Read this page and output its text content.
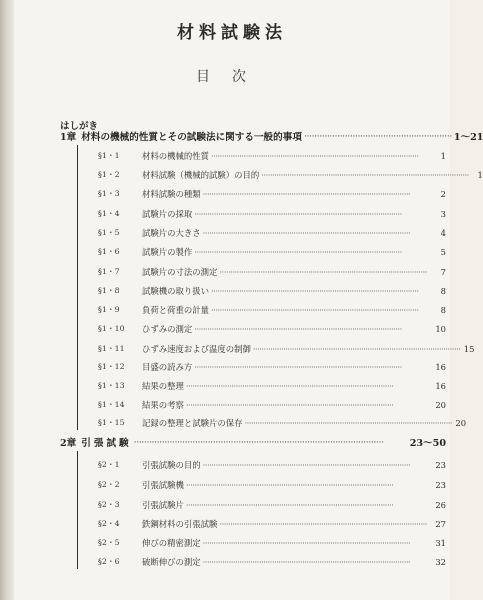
材料試験法
目次
はしがき
1章 材料の機械的性質とその試験法に関する一般的事項 ·························································· 1〜21
§1・1	材料の機械的性質 ································································································	1
§1・2	材料試験（機械的試験）の目的 ································································································	1
§1・3	材料試験の種類 ································································································	2
§1・4	試験片の採取 ································································································	3
§1・5	試験片の大きさ ································································································	4
§1・6	試験片の製作 ································································································	5
§1・7	試験片の寸法の測定 ································································································	7
§1・8	試験機の取り扱い ································································································	8
§1・9	負荷と荷重の計量 ································································································	8
§1・10	ひずみの測定 ································································································	10
§1・11	ひずみ速度および温度の制御 ································································································ 15
§1・12	目盛の読み方 ································································································	16
§1・13	結果の整理 ································································································	16
§1・14	結果の考察 ································································································	20
§1・15	記録の整理と試験片の保存 ································································································ 20
2章 引張試験 ··································································································	23〜50
§2・1	引張試験の目的 ································································································	23
§2・2	引張試験機 ································································································	23
§2・3	引張試験片 ································································································	26
§2・4	鉄鋼材料の引張試験 ································································································ 27
§2・5	伸びの精密測定 ································································································	31
§2・6	破断伸びの測定 ································································································	32
